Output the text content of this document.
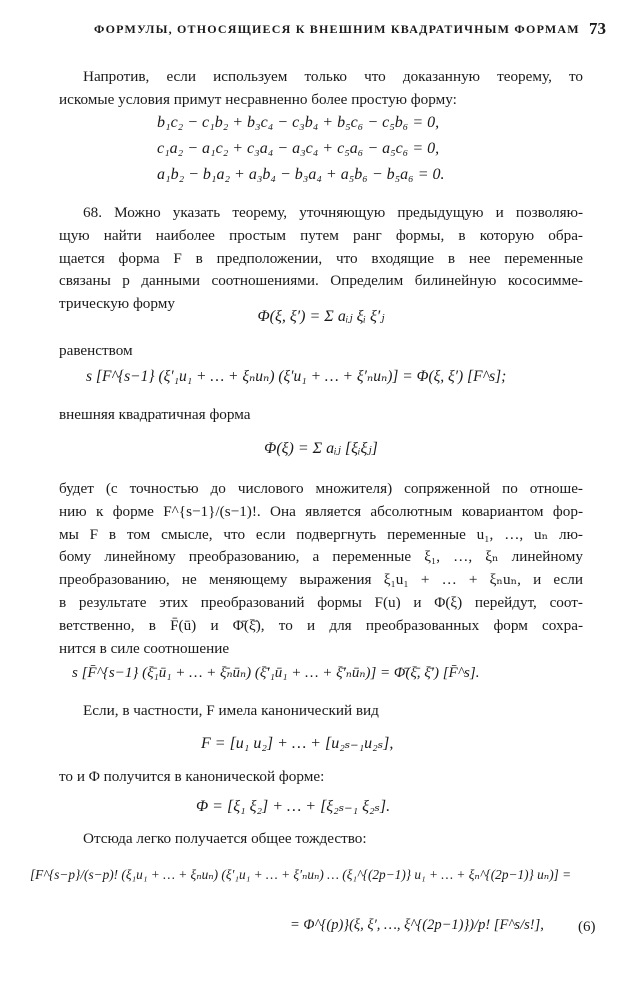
ФОРМУЛЫ, ОТНОСЯЩИЕСЯ К ВНЕШНИМ КВАДРАТИЧНЫМ ФОРМАМ 73
Напротив, если используем только что доказанную теорему, то
искомые условия примут несравненно более простую форму:
b₁c₂ − c₁b₂ + b₃c₄ − c₃b₄ + b₅c₆ − c₅b₆ = 0,
c₁a₂ − a₁c₂ + c₃a₄ − a₃c₄ + c₅a₆ − a₅c₆ = 0,
a₁b₂ − b₁a₂ + a₃b₄ − b₃a₄ + a₅b₆ − b₅a₆ = 0.
68. Можно указать теорему, уточняющую предыдущую и позволяю-
щую найти наиболее простым путем ранг формы, в которую обра-
щается форма F в предположении, что входящие в нее переменные
связаны p данными соотношениями. Определим билинейную кососимме-
трическую форму
Φ(ξ, ξ′) = Σ aᵢⱼ ξᵢ ξ′ⱼ
равенством
s [F^{s−1} (ξ′₁u₁ + … + ξₙuₙ) (ξ′u₁ + … + ξ′ₙuₙ)] = Φ(ξ, ξ′) [F^s];
внешняя квадратичная форма
Φ(ξ) = Σ aᵢⱼ [ξᵢξⱼ]
будет (с точностью до числового множителя) сопряженной по отноше-
нию к форме F^{s−1}/(s−1)!. Она является абсолютным ковариантом фор-
мы F в том смысле, что если подвергнуть переменные u₁, …, uₙ лю-
бому линейному преобразованию, а переменные ξ₁, …, ξₙ линейному
преобразованию, не меняющему выражения ξ₁u₁ + … + ξₙuₙ, и если
в результате этих преобразований формы F(u) и Φ(ξ) перейдут, соот-
ветственно, в F̄(ū) и Φ̄(ξ̄), то и для преобразованных форм сохра-
нится в силе соотношение
s [F̄^{s−1} (ξ̄₁ū₁ + … + ξ̄ₙūₙ) (ξ̄′₁ū₁ + … + ξ̄′ₙūₙ)] = Φ̄(ξ̄, ξ̄′) [F̄^s].
Если, в частности, F имела канонический вид
F = [u₁ u₂] + … + [u₂ₛ₋₁u₂ₛ],
то и Φ получится в канонической форме:
Φ = [ξ₁ ξ₂] + … + [ξ₂ₛ₋₁ ξ₂ₛ].
Отсюда легко получается общее тождество:
[F^{s−p}/(s−p)! (ξ₁u₁ + … + ξₙuₙ) (ξ′₁u₁ + … + ξ′ₙuₙ) … (ξ₁^{(2p−1)} u₁ + … + ξₙ^{(2p−1)} uₙ)] =
= Φ^{(p)}(ξ, ξ′, …, ξ^{(2p−1)})/p! [F^s/s!], (6)
